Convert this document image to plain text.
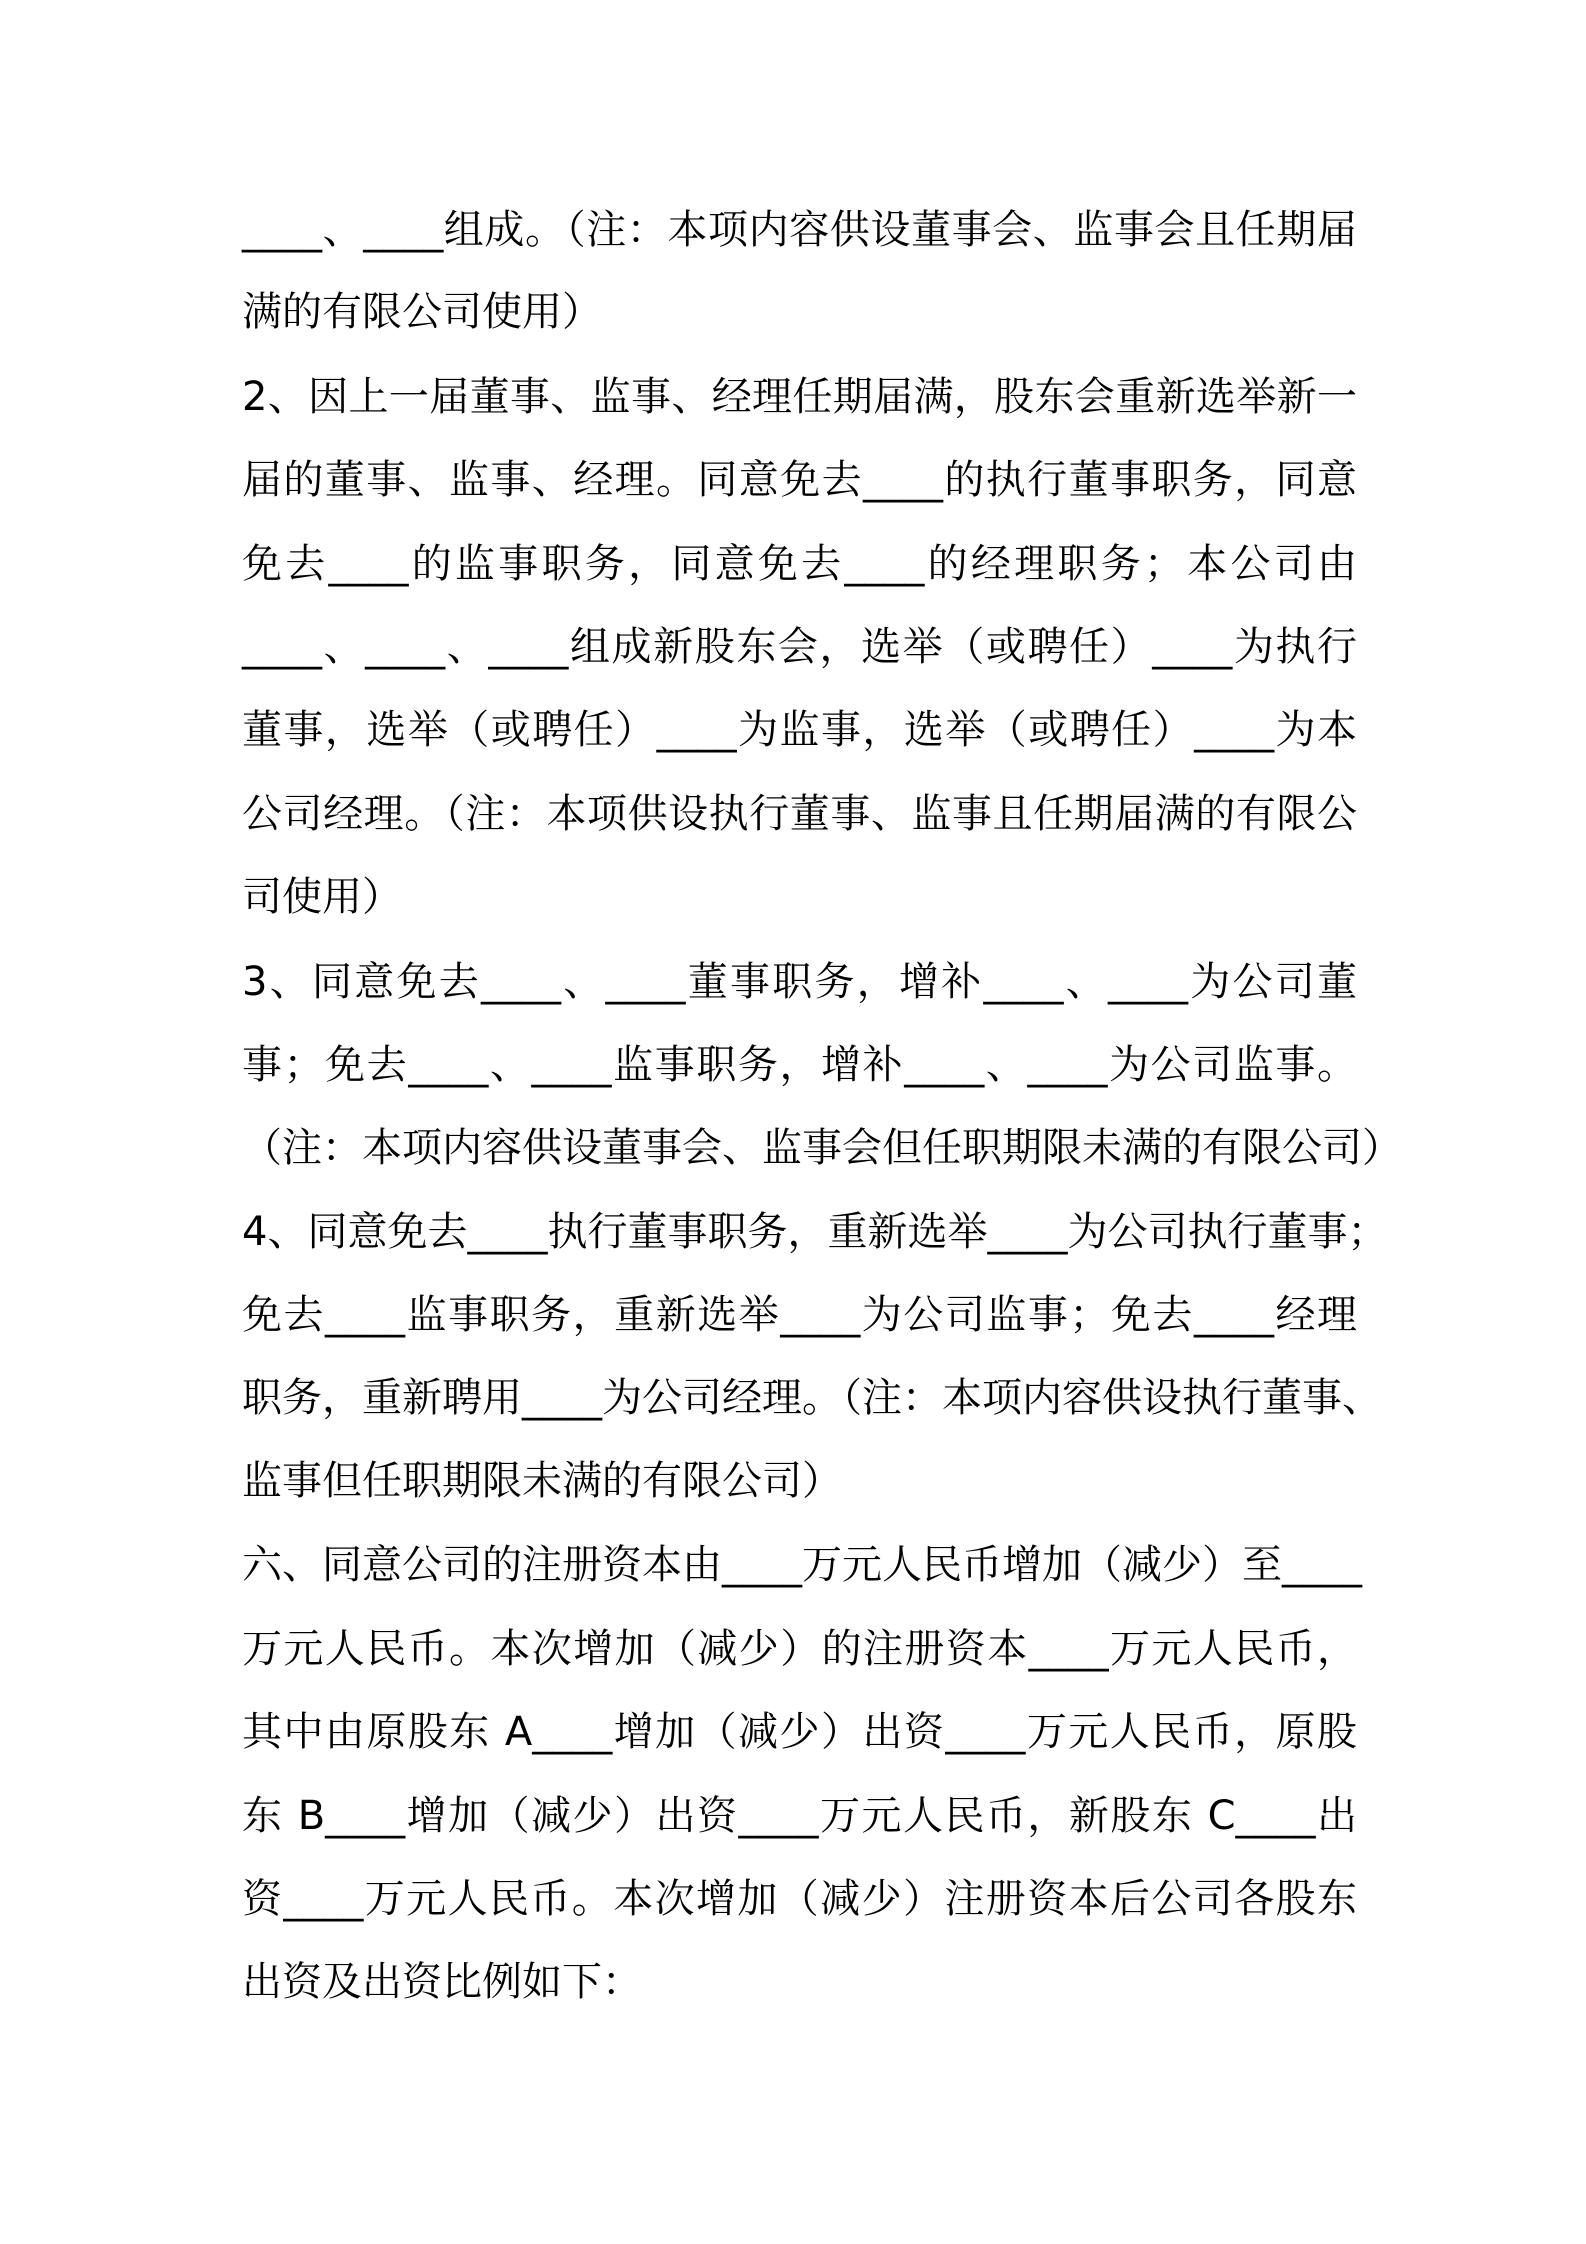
____、____组成。（注：本项内容供设董事会、监事会且任期届
满的有限公司使用）
2、因上一届董事、监事、经理任期届满，股东会重新选举新一
届的董事、监事、经理。同意免去____的执行董事职务，同意
免去____的监事职务，同意免去____的经理职务；本公司由
____、____、____组成新股东会，选举（或聘任）____为执行
董事，选举（或聘任）____为监事，选举（或聘任）____为本
公司经理。（注：本项供设执行董事、监事且任期届满的有限公
司使用）
3、同意免去____、____董事职务，增补____、____为公司董
事；免去____、____监事职务，增补____、____为公司监事。
（注：本项内容供设董事会、监事会但任职期限未满的有限公司）
4、同意免去____执行董事职务，重新选举____为公司执行董事；
免去____监事职务，重新选举____为公司监事；免去____经理
职务，重新聘用____为公司经理。（注：本项内容供设执行董事、
监事但任职期限未满的有限公司）
六、同意公司的注册资本由____万元人民币增加（减少）至____
万元人民币。本次增加（减少）的注册资本____万元人民币，
其中由原股东 A____增加（减少）出资____万元人民币，原股
东 B____增加（减少）出资____万元人民币，新股东 C____出
资____万元人民币。本次增加（减少）注册资本后公司各股东
出资及出资比例如下：
